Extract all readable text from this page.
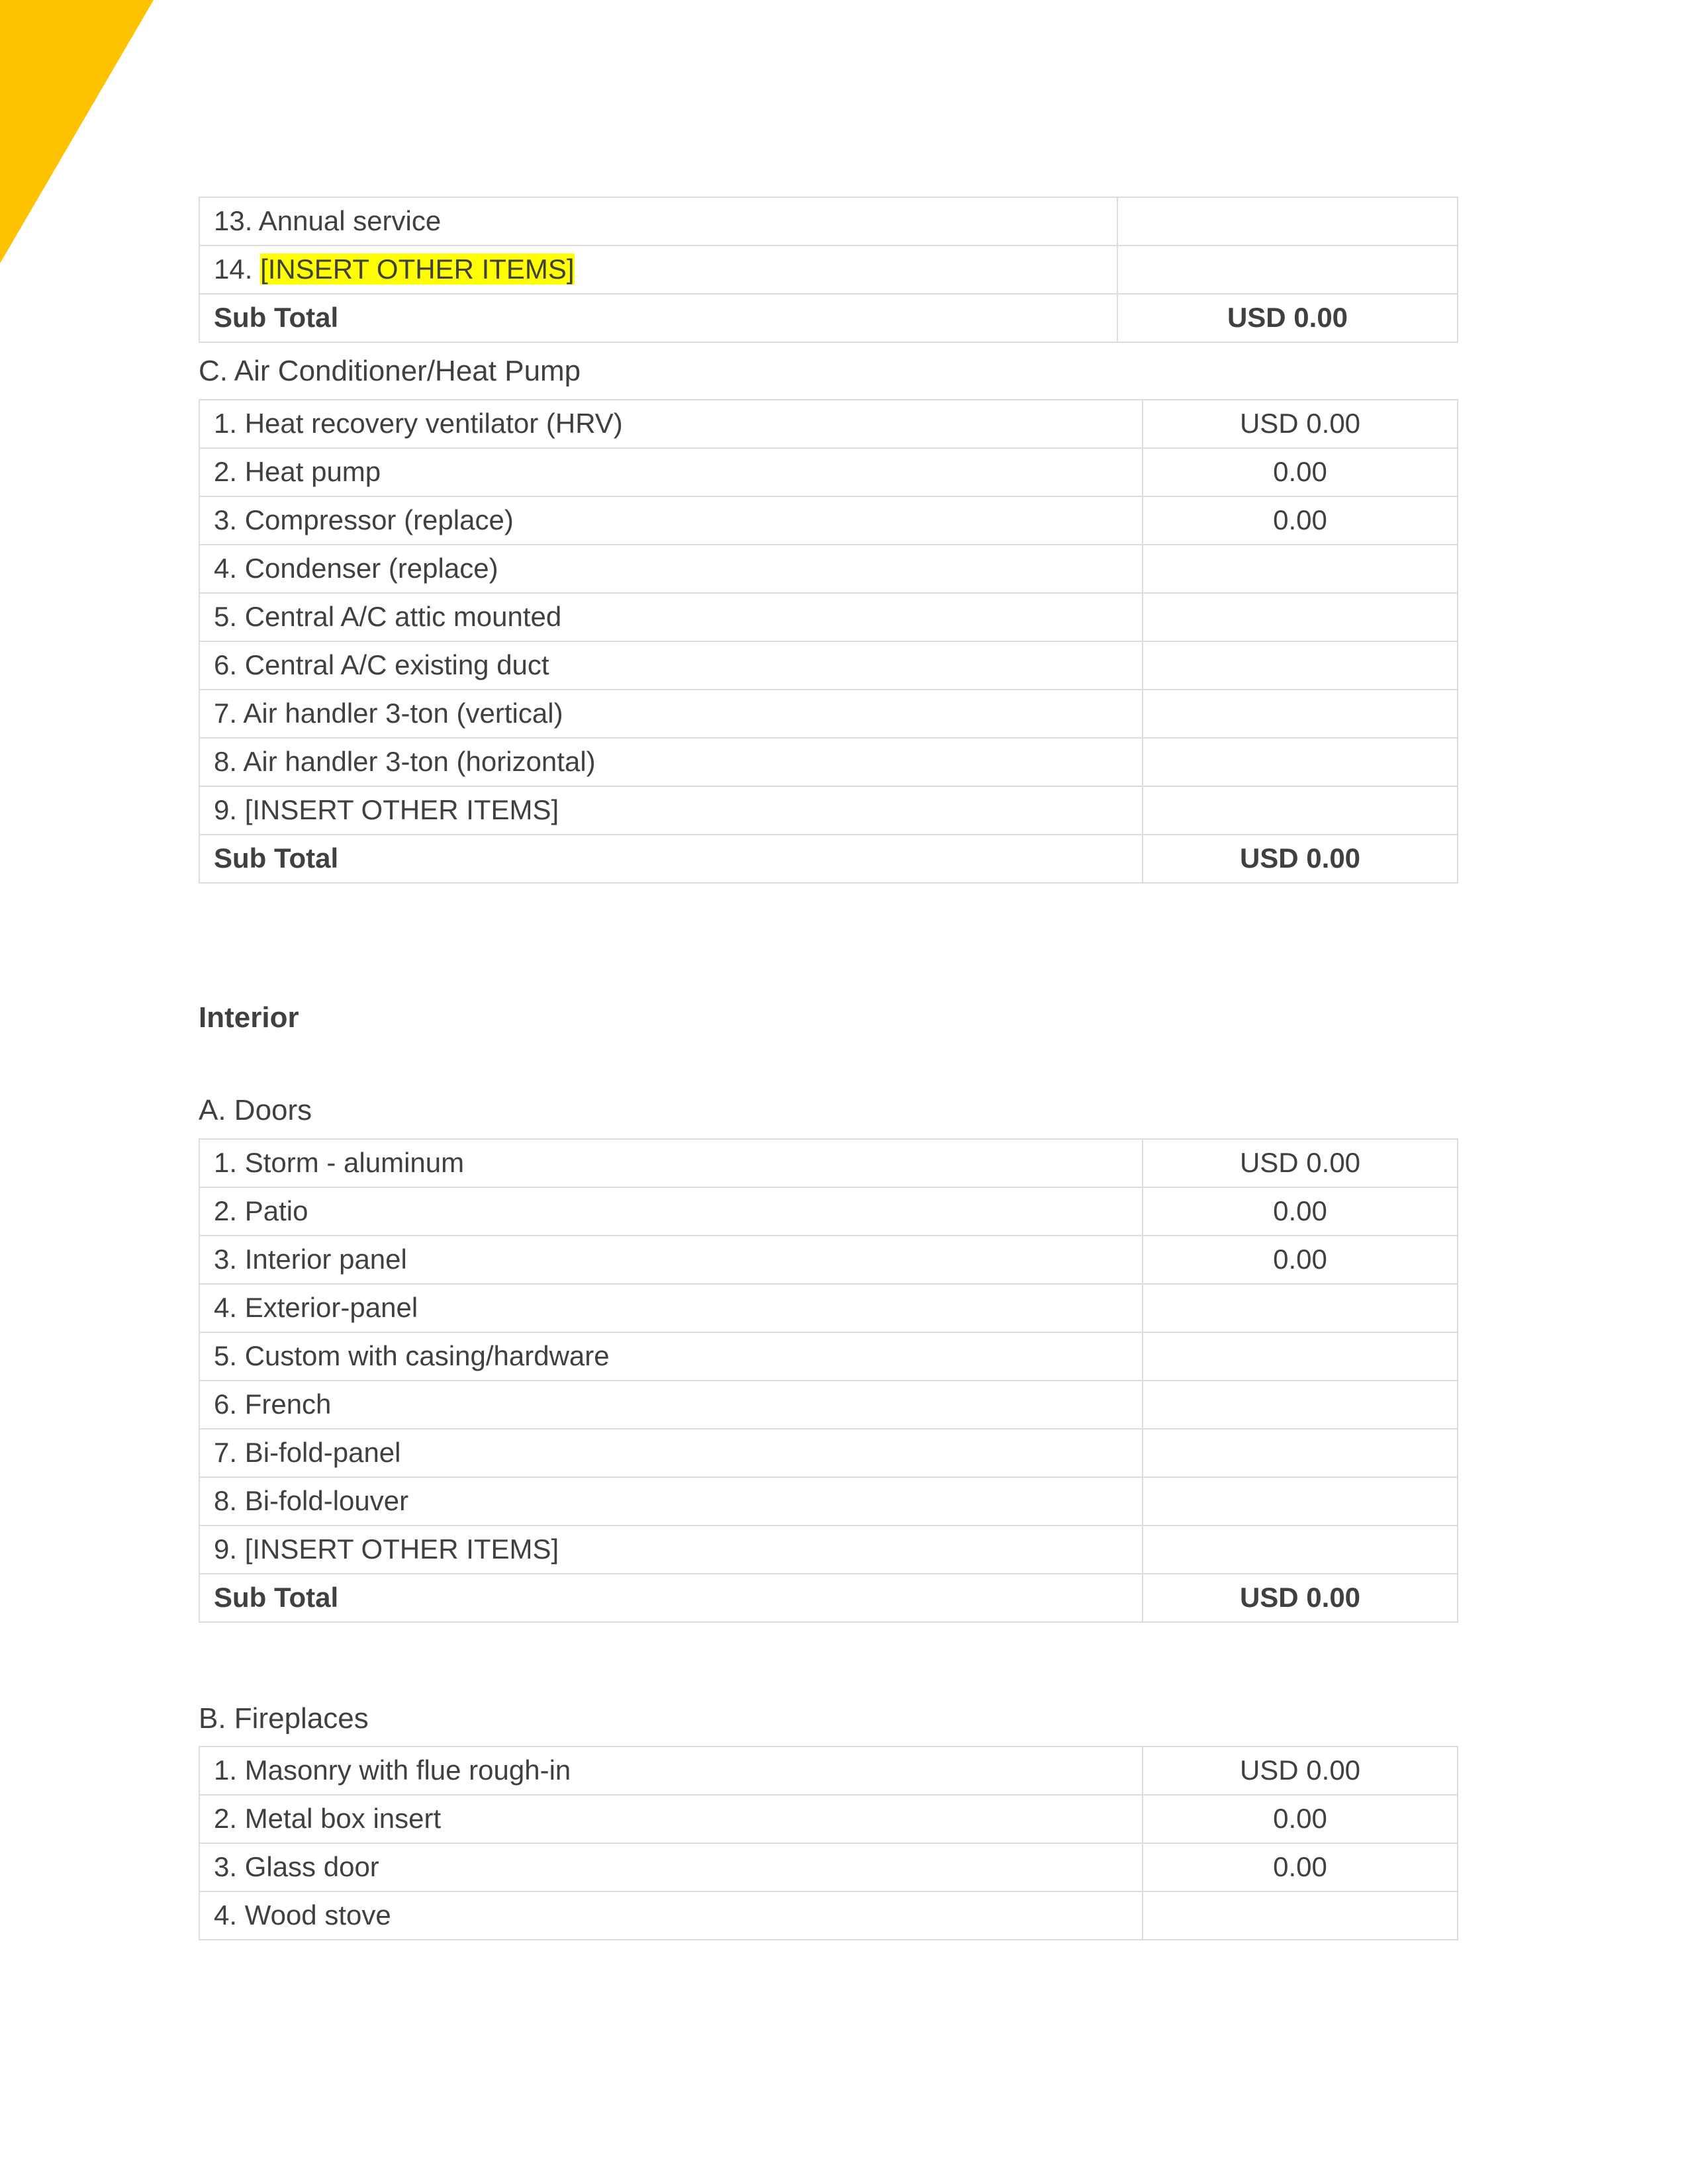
13. Annual service	
14. [INSERT OTHER ITEMS]	
Sub Total	USD 0.00
C. Air Conditioner/Heat Pump
1. Heat recovery ventilator (HRV)	USD 0.00
2. Heat pump	0.00
3. Compressor (replace)	0.00
4. Condenser (replace)	
5. Central A/C attic mounted	
6. Central A/C existing duct	
7. Air handler 3-ton (vertical)	
8. Air handler 3-ton (horizontal)	
9. [INSERT OTHER ITEMS]	
Sub Total	USD 0.00
Interior
A. Doors
1. Storm - aluminum	USD 0.00
2. Patio	0.00
3. Interior panel	0.00
4. Exterior-panel	
5. Custom with casing/hardware	
6. French	
7. Bi-fold-panel	
8. Bi-fold-louver	
9. [INSERT OTHER ITEMS]	
Sub Total	USD 0.00
B. Fireplaces
1. Masonry with flue rough-in	USD 0.00
2. Metal box insert	0.00
3. Glass door	0.00
4. Wood stove	
